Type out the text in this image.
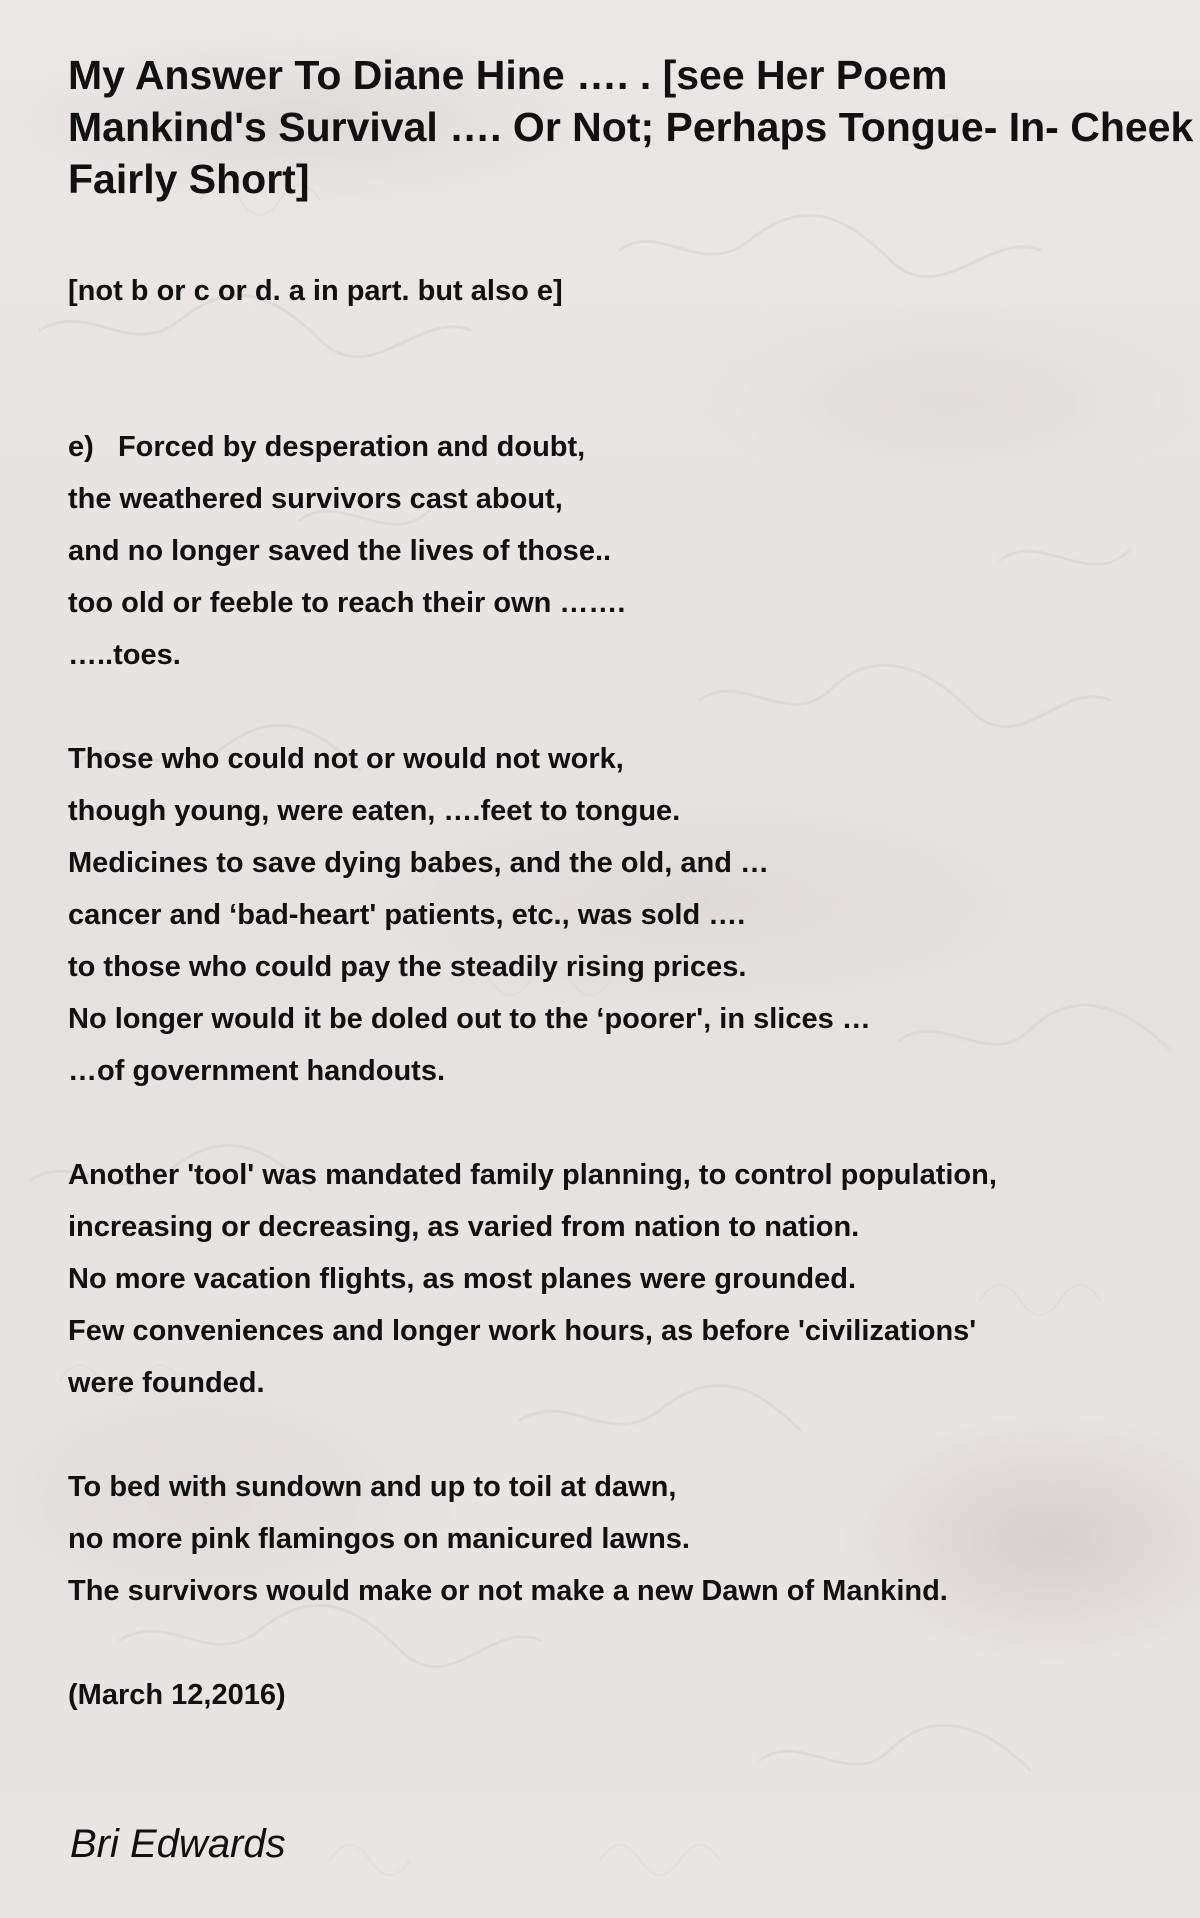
My Answer To Diane Hine …. . [see Her Poem
Mankind's Survival …. Or Not; Perhaps Tongue- In- Cheek
Fairly Short]
[not b or c or d. a in part. but also e]
e)   Forced by desperation and doubt,
the weathered survivors cast about,
and no longer saved the lives of those..
too old or feeble to reach their own …….
…..toes.
Those who could not or would not work,
though young, were eaten, ….feet to tongue.
Medicines to save dying babes, and the old, and …
cancer and ‘bad-heart' patients, etc., was sold ….
to those who could pay the steadily rising prices.
No longer would it be doled out to the ‘poorer', in slices …
…of government handouts.
Another 'tool' was mandated family planning, to control population,
increasing or decreasing, as varied from nation to nation.
No more vacation flights, as most planes were grounded.
Few conveniences and longer work hours, as before 'civilizations'
were founded.
To bed with sundown and up to toil at dawn,
no more pink flamingos on manicured lawns.
The survivors would make or not make a new Dawn of Mankind.
(March 12,2016)
Bri Edwards
